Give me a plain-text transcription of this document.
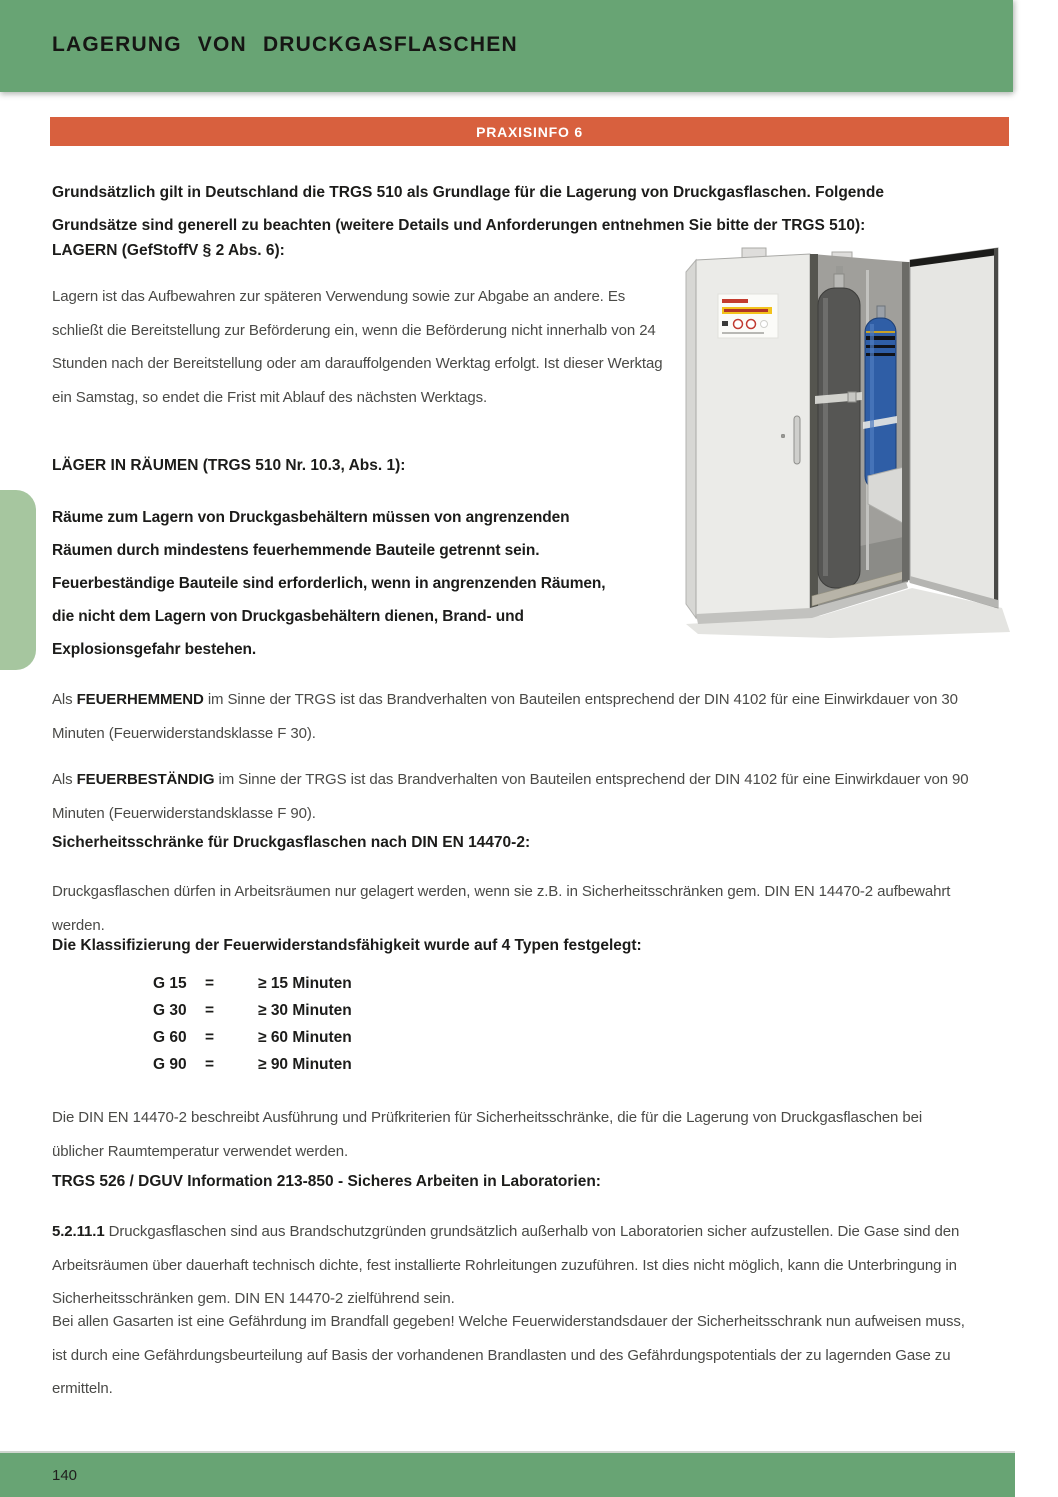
LAGERUNG VON DRUCKGASFLASCHEN
PRAXISINFO 6

Grundsätzlich gilt in Deutschland die TRGS 510 als Grundlage für die Lagerung von Druckgasflaschen. Folgende Grundsätze sind generell zu beachten (weitere Details und Anforderungen entnehmen Sie bitte der TRGS 510):

LAGERN (GefStoffV § 2 Abs. 6):

Lagern ist das Aufbewahren zur späteren Verwendung sowie zur Abgabe an andere. Es schließt die Bereitstellung zur Beförderung ein, wenn die Beförderung nicht innerhalb von 24 Stunden nach der Bereitstellung oder am darauffolgenden Werktag erfolgt. Ist dieser Werktag ein Samstag, so endet die Frist mit Ablauf des nächsten Werktags.

LÄGER IN RÄUMEN (TRGS 510 Nr. 10.3, Abs. 1):

Räume zum Lagern von Druckgasbehältern müssen von angrenzenden Räumen durch mindestens feuerhemmende Bauteile getrennt sein. Feuerbeständige Bauteile sind erforderlich, wenn in angrenzenden Räumen, die nicht dem Lagern von Druckgasbehältern dienen, Brand- und Explosionsgefahr bestehen.

Als FEUERHEMMEND im Sinne der TRGS ist das Brandverhalten von Bauteilen entsprechend der DIN 4102 für eine Einwirkdauer von 30 Minuten (Feuerwiderstandsklasse F 30).

Als FEUERBESTÄNDIG im Sinne der TRGS ist das Brandverhalten von Bauteilen entsprechend der DIN 4102 für eine Einwirkdauer von 90 Minuten (Feuerwiderstandsklasse F 90).

Sicherheitsschränke für Druckgasflaschen nach DIN EN 14470-2:

Druckgasflaschen dürfen in Arbeitsräumen nur gelagert werden, wenn sie z.B. in Sicherheitsschränken gem. DIN EN 14470-2 aufbewahrt werden.

Die Klassifizierung der Feuerwiderstandsfähigkeit wurde auf 4 Typen festgelegt:

G 15	=	≥ 15 Minuten
G 30	=	≥ 30 Minuten
G 60	=	≥ 60 Minuten
G 90	=	≥ 90 Minuten

Die DIN EN 14470-2 beschreibt Ausführung und Prüfkriterien für Sicherheitsschränke, die für die Lagerung von Druckgasflaschen bei üblicher Raumtemperatur verwendet werden.

TRGS 526 / DGUV Information 213-850 - Sicheres Arbeiten in Laboratorien:

5.2.11.1 Druckgasflaschen sind aus Brandschutzgründen grundsätzlich außerhalb von Laboratorien sicher aufzustellen. Die Gase sind den Arbeitsräumen über dauerhaft technisch dichte, fest installierte Rohrleitungen zuzuführen. Ist dies nicht möglich, kann die Unterbringung in Sicherheitsschränken gem. DIN EN 14470-2 zielführend sein.

Bei allen Gasarten ist eine Gefährdung im Brandfall gegeben! Welche Feuerwiderstandsdauer der Sicherheitsschrank nun aufweisen muss, ist durch eine Gefährdungsbeurteilung auf Basis der vorhandenen Brandlasten und des Gefährdungspotentials der zu lagernden Gase zu ermitteln.

140
